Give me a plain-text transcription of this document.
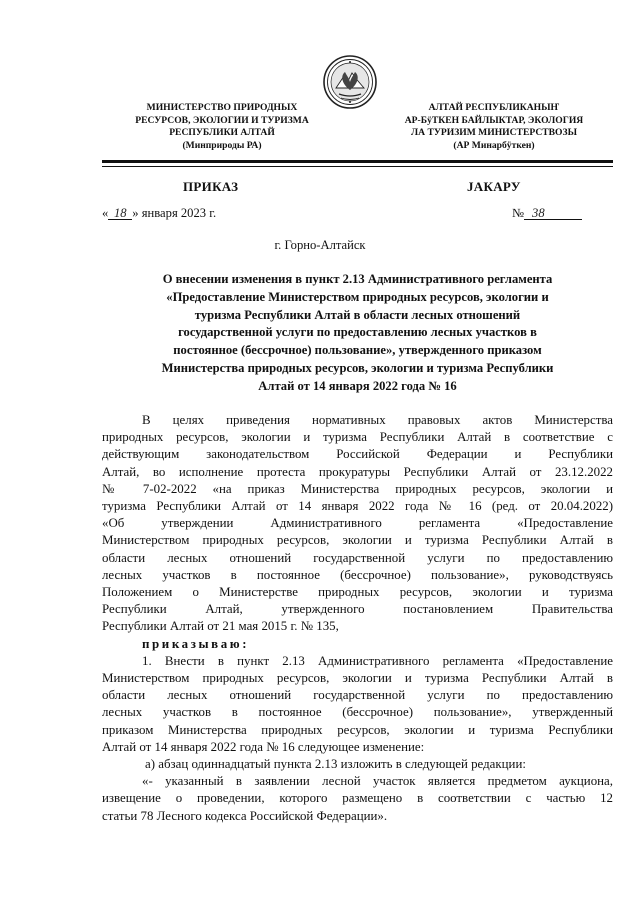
МИНИСТЕРСТВО ПРИРОДНЫХ
РЕСУРСОВ, ЭКОЛОГИИ И ТУРИЗМА
РЕСПУБЛИКИ АЛТАЙ
(Минприроды РА)
АЛТАЙ РЕСПУБЛИКАНЫҤ
АР-БÿТКЕН БАЙЛЫКТАР, ЭКОЛОГИЯ
ЛА ТУРИЗИМ МИНИСТЕРСТВОЗЫ
(АР Минарбÿткен)
ПРИКАЗ	ЈАКАРУ
« 18 » января 2023 г.	№ 38
г. Горно-Алтайск
О внесении изменения в пункт 2.13 Административного регламента
«Предоставление Министерством природных ресурсов, экологии и
туризма Республики Алтай в области лесных отношений
государственной услуги по предоставлению лесных участков в
постоянное (бессрочное) пользование», утвержденного приказом
Министерства природных ресурсов, экологии и туризма Республики
Алтай от 14 января 2022 года № 16
В целях приведения нормативных правовых актов Министерства
природных ресурсов, экологии и туризма Республики Алтай в соответствие с
действующим законодательством Российской Федерации и Республики
Алтай, во исполнение протеста прокуратуры Республики Алтай от 23.12.2022
№ 7-02-2022 «на приказ Министерства природных ресурсов, экологии и
туризма Республики Алтай от 14 января 2022 года № 16 (ред. от 20.04.2022)
«Об утверждении Административного регламента «Предоставление
Министерством природных ресурсов, экологии и туризма Республики Алтай в
области лесных отношений государственной услуги по предоставлению
лесных участков в постоянное (бессрочное) пользование», руководствуясь
Положением о Министерстве природных ресурсов, экологии и туризма
Республики Алтай, утвержденного постановлением Правительства
Республики Алтай от 21 мая 2015 г. № 135,
приказываю:
1. Внести в пункт 2.13 Административного регламента «Предоставление
Министерством природных ресурсов, экологии и туризма Республики Алтай в
области лесных отношений государственной услуги по предоставлению
лесных участков в постоянное (бессрочное) пользование», утвержденный
приказом Министерства природных ресурсов, экологии и туризма Республики
Алтай от 14 января 2022 года № 16 следующее изменение:
а) абзац одиннадцатый пункта 2.13 изложить в следующей редакции:
«- указанный в заявлении лесной участок является предметом аукциона,
извещение о проведении, которого размещено в соответствии с частью 12
статьи 78 Лесного кодекса Российской Федерации».
